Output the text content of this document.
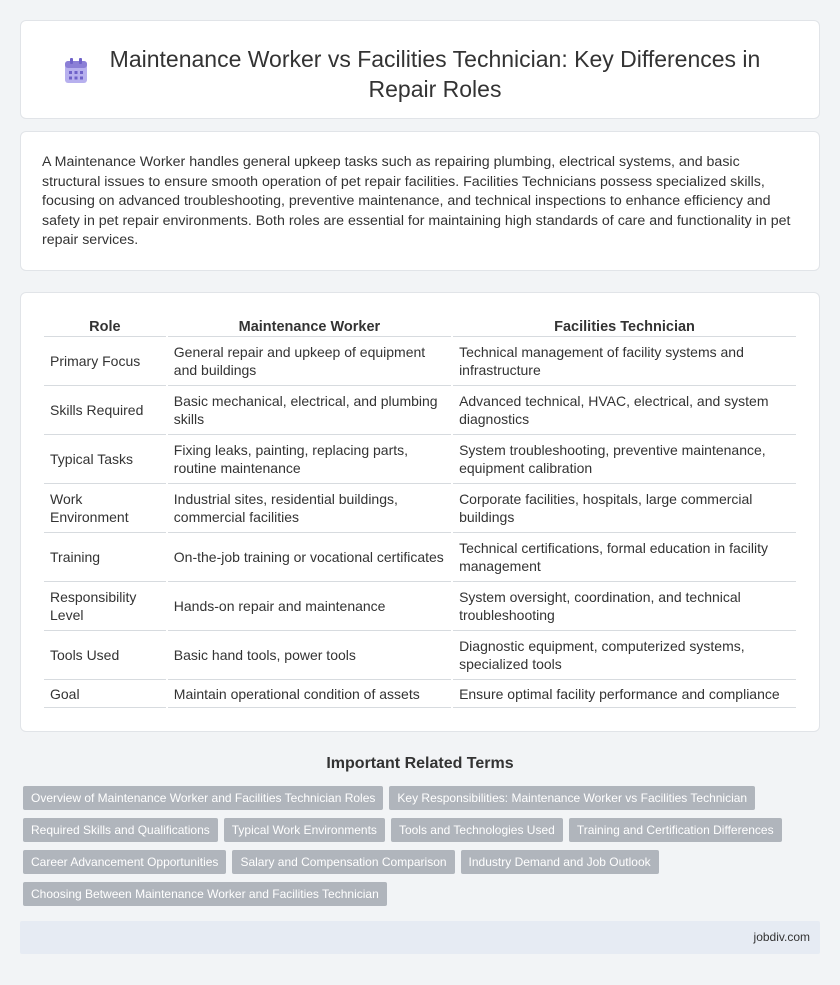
Maintenance Worker vs Facilities Technician: Key Differences in Repair Roles

A Maintenance Worker handles general upkeep tasks such as repairing plumbing, electrical systems, and basic structural issues to ensure smooth operation of pet repair facilities. Facilities Technicians possess specialized skills, focusing on advanced troubleshooting, preventive maintenance, and technical inspections to enhance efficiency and safety in pet repair environments. Both roles are essential for maintaining high standards of care and functionality in pet repair services.

Role	Maintenance Worker	Facilities Technician
Primary Focus	General repair and upkeep of equipment and buildings	Technical management of facility systems and infrastructure
Skills Required	Basic mechanical, electrical, and plumbing skills	Advanced technical, HVAC, electrical, and system diagnostics
Typical Tasks	Fixing leaks, painting, replacing parts, routine maintenance	System troubleshooting, preventive maintenance, equipment calibration
Work Environment	Industrial sites, residential buildings, commercial facilities	Corporate facilities, hospitals, large commercial buildings
Training	On-the-job training or vocational certificates	Technical certifications, formal education in facility management
Responsibility Level	Hands-on repair and maintenance	System oversight, coordination, and technical troubleshooting
Tools Used	Basic hand tools, power tools	Diagnostic equipment, computerized systems, specialized tools
Goal	Maintain operational condition of assets	Ensure optimal facility performance and compliance
Important Related Terms
Overview of Maintenance Worker and Facilities Technician Roles	Key Responsibilities: Maintenance Worker vs Facilities Technician
Required Skills and Qualifications	Typical Work Environments	Tools and Technologies Used	Training and Certification Differences
Career Advancement Opportunities	Salary and Compensation Comparison	Industry Demand and Job Outlook
Choosing Between Maintenance Worker and Facilities Technician
jobdiv.com
